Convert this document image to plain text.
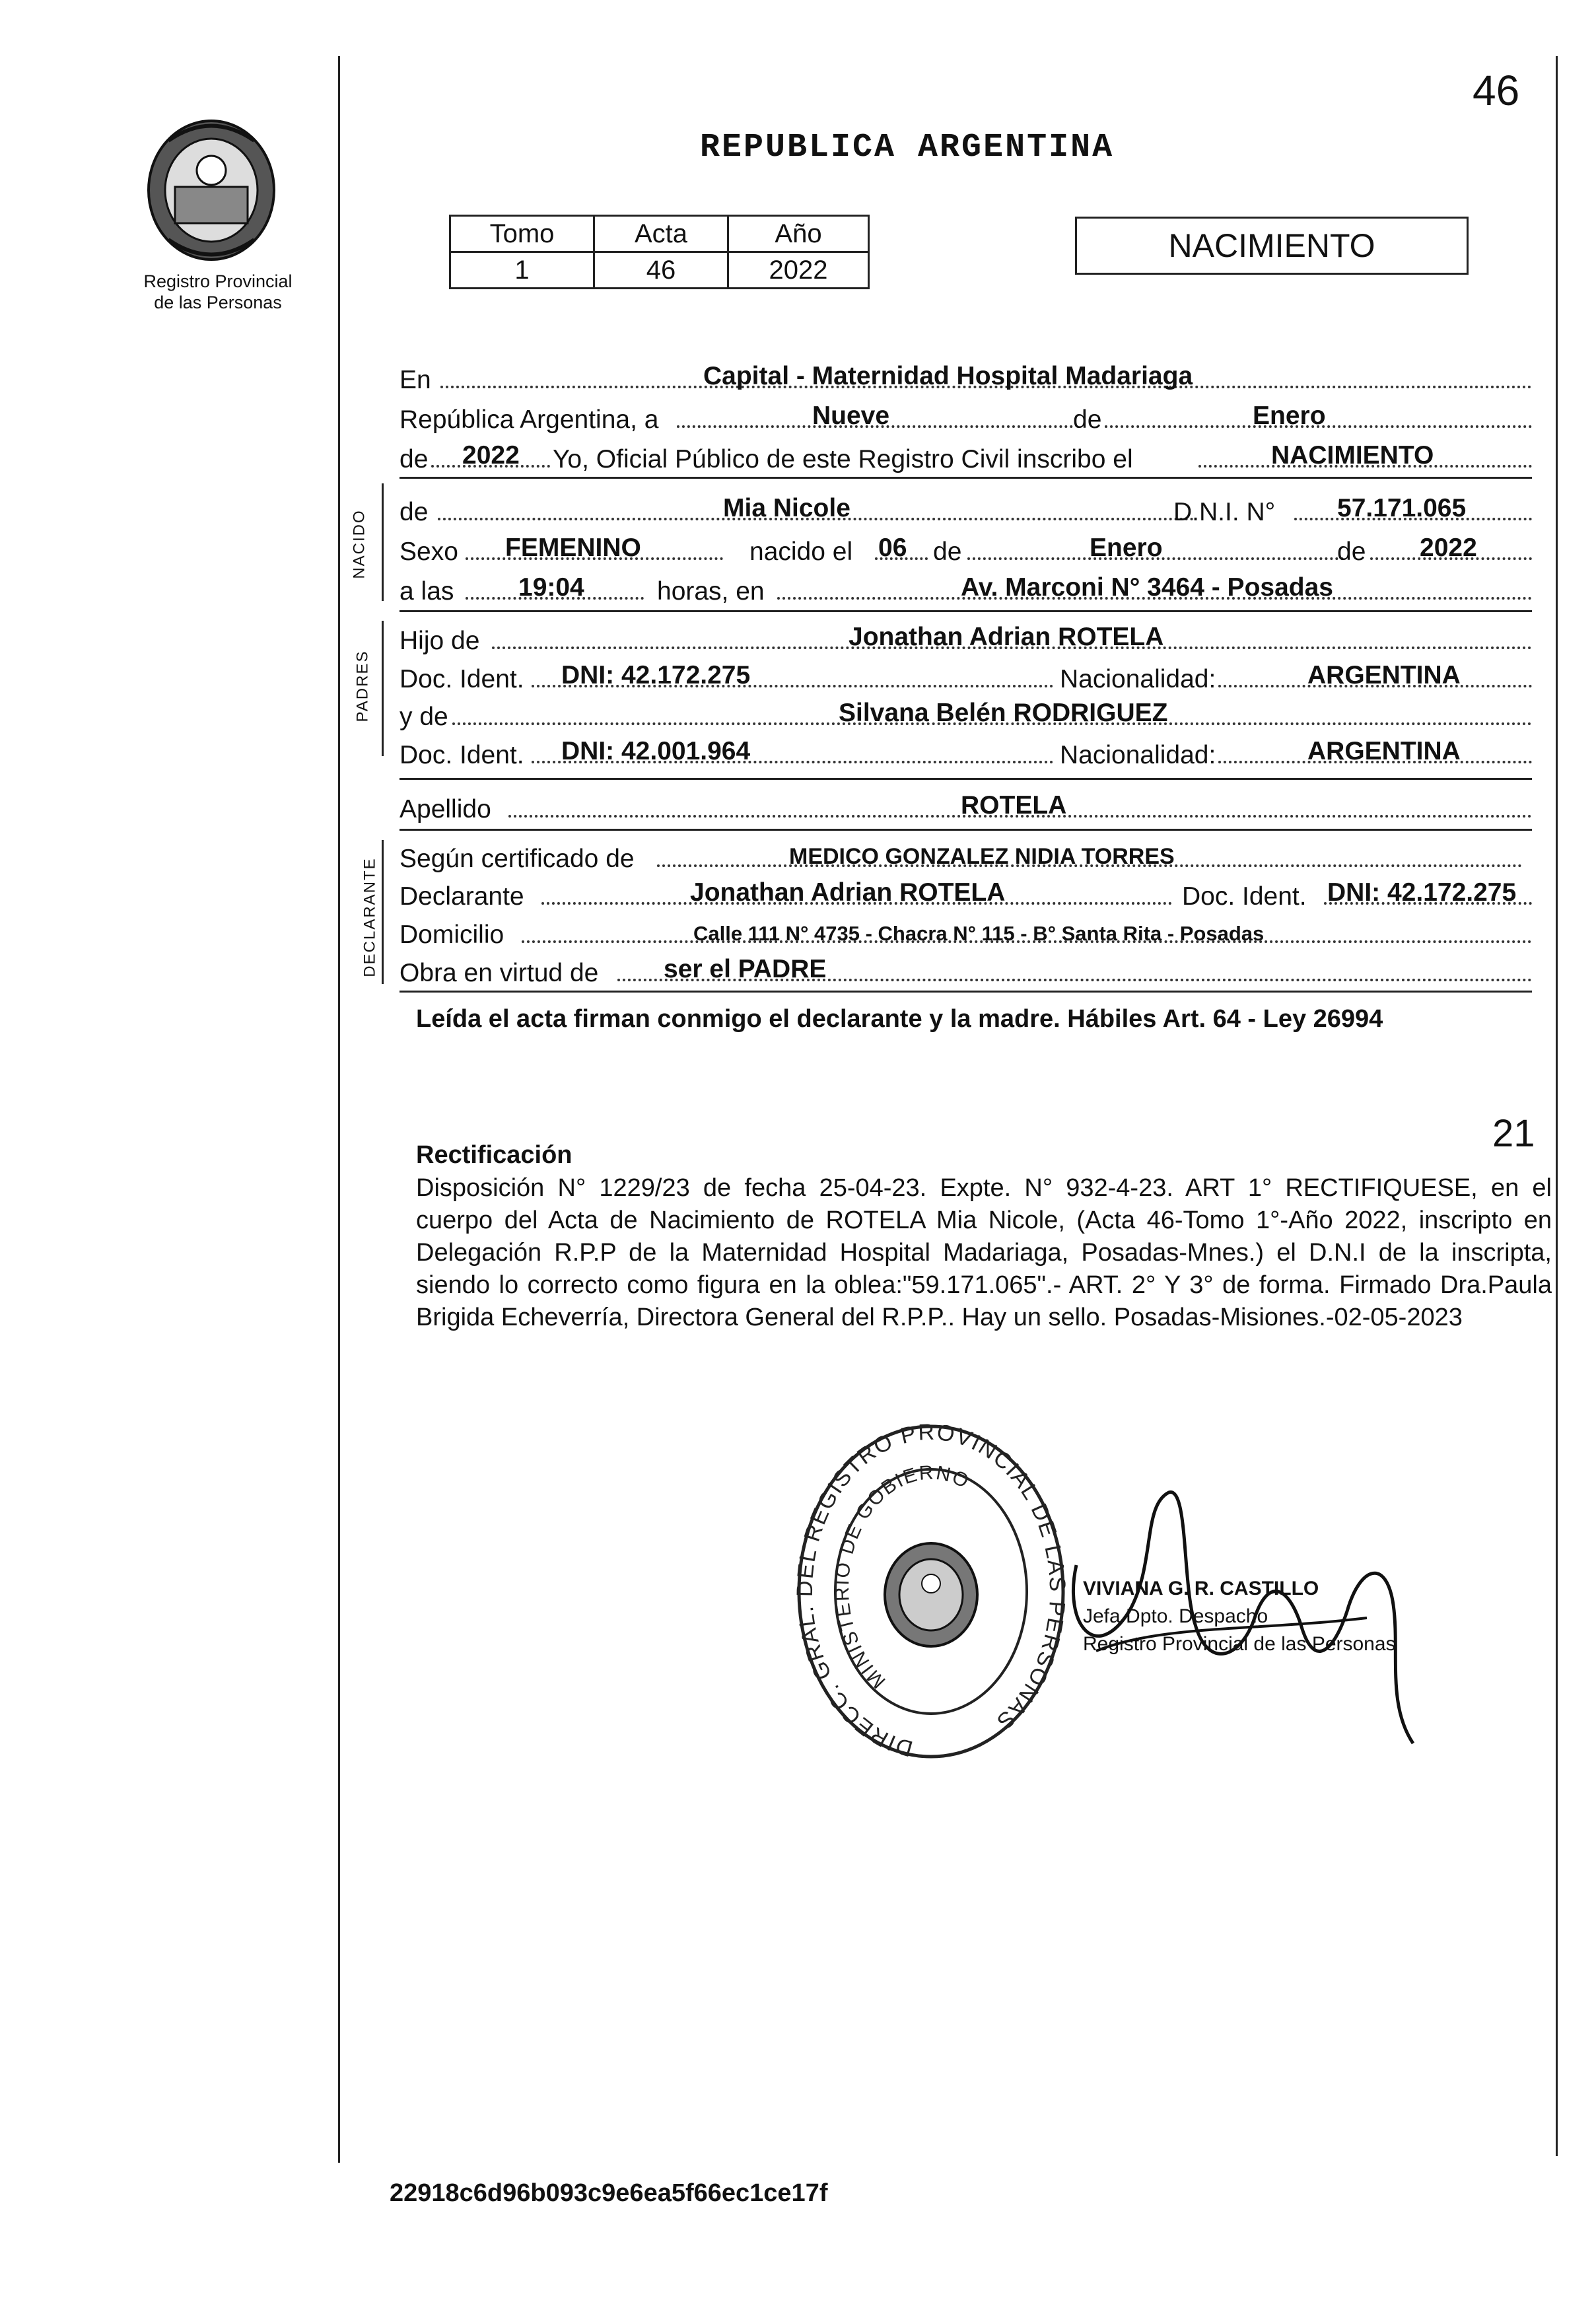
Registro Provincial
de las Personas
REPUBLICA ARGENTINA
46
Tomo	Acta	Año
1	46	2022
NACIMIENTO
En	Capital - Maternidad Hospital Madariaga
República Argentina, a	Nueve	de	Enero
de 2022 Yo, Oficial Público de este Registro Civil inscribo el	NACIMIENTO
NACIDO de	Mia Nicole	D.N.I. N° 57.171.065
Sexo FEMENINO	nacido el 06 de	Enero	de 2022
a las	19:04	horas, en	Av. Marconi N° 3464 - Posadas
PADRES
Hijo de	Jonathan Adrian ROTELA
Doc. Ident. DNI: 42.172.275	Nacionalidad:	ARGENTINA
y de	Silvana Belén RODRIGUEZ
Doc. Ident. DNI: 42.001.964	Nacionalidad:	ARGENTINA
Apellido	ROTELA
DECLARANTE Según certificado de	MEDICO GONZALEZ NIDIA TORRES
Declarante	Jonathan Adrian ROTELA	Doc. Ident. DNI: 42.172.275
Domicilio	Calle 111 N° 4735 - Chacra N° 115 - B° Santa Rita - Posadas
Obra en virtud de	ser el PADRE
Leída el acta firman conmigo el declarante y la madre. Hábiles Art. 64 - Ley 26994
21
Rectificación
Disposición N° 1229/23 de fecha 25-04-23. Expte. N° 932-4-23. ART 1° RECTIFIQUESE, en el cuerpo del Acta de Nacimiento de ROTELA Mia Nicole, (Acta 46-Tomo 1°-Año 2022, inscripto en Delegación R.P.P de la Maternidad Hospital Madariaga, Posadas-Mnes.) el D.N.I de la inscripta, siendo lo correcto como figura en la oblea:"59.171.065".- ART. 2° Y 3° de forma. Firmado Dra.Paula Brigida Echeverría, Directora General del R.P.P.. Hay un sello. Posadas-Misiones.-02-05-2023
DIRECC. GRAL. DEL REGISTRO PROVINCIAL DE LAS PERSONAS
MINISTERIO DE GOBIERNO
VIVIANA G. R. CASTILLO
Jefa Dpto. Despacho
Registro Provincial de las Personas
22918c6d96b093c9e6ea5f66ec1ce17f
